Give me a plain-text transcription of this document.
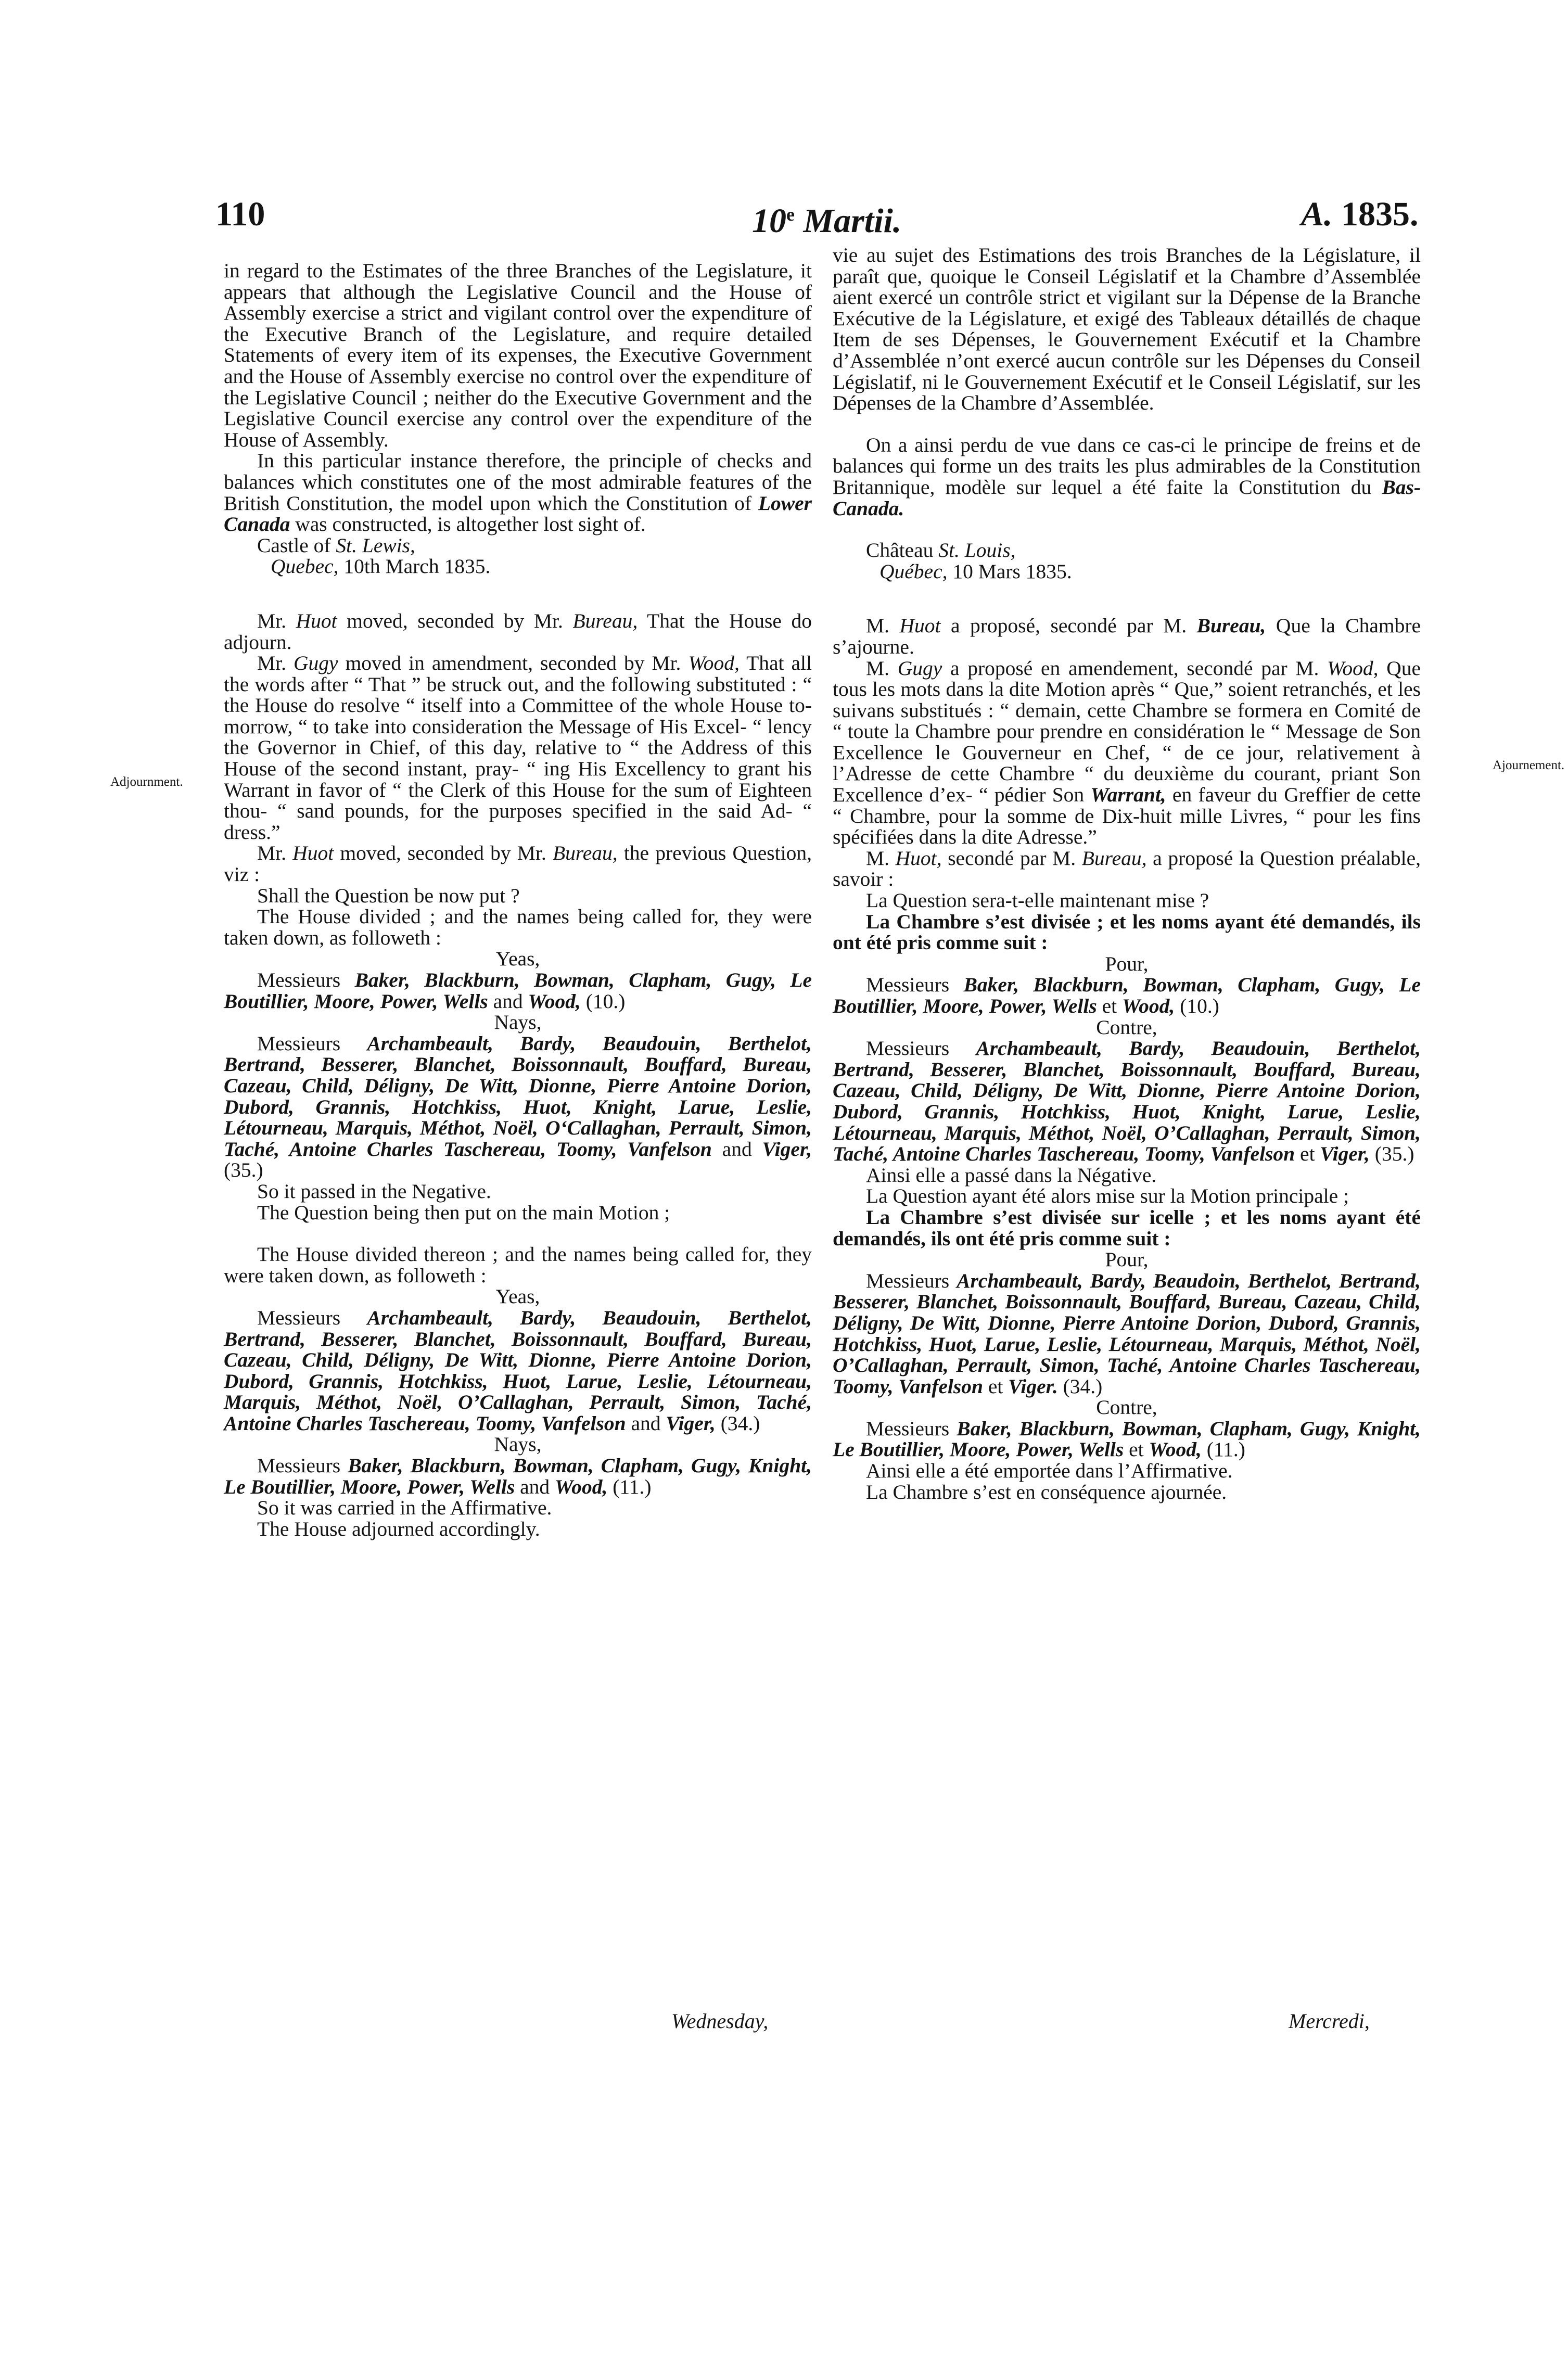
110	10e Martii.	A. 1835.
Adjournment.
Ajournement.

in regard to the Estimates of the three Branches of the Legislature, it appears that although the Legislative Council and the House of Assembly exercise a strict and vigilant control over the expenditure of the Executive Branch of the Legislature, and require detailed Statements of every item of its expenses, the Executive Government and the House of Assembly exercise no control over the expenditure of the Legislative Council ; neither do the Executive Government and the Legislative Council exercise any control over the expenditure of the House of Assembly.

In this particular instance therefore, the principle of checks and balances which constitutes one of the most admirable features of the British Constitution, the model upon which the Constitution of Lower Canada was constructed, is altogether lost sight of.

Castle of St. Lewis,

Quebec, 10th March 1835.

Mr. Huot moved, seconded by Mr. Bureau, That the House do adjourn.

Mr. Gugy moved in amendment, seconded by Mr. Wood, That all the words after “ That ” be struck out, and the following substituted : “ the House do resolve “ itself into a Committee of the whole House to-morrow, “ to take into consideration the Message of His Excel- “ lency the Governor in Chief, of this day, relative to “ the Address of this House of the second instant, pray- “ ing His Excellency to grant his Warrant in favor of “ the Clerk of this House for the sum of Eighteen thou- “ sand pounds, for the purposes specified in the said Ad- “ dress.”

Mr. Huot moved, seconded by Mr. Bureau, the previous Question, viz :

Shall the Question be now put ?

The House divided ; and the names being called for, they were taken down, as followeth :

Yeas,

Messieurs Baker, Blackburn, Bowman, Clapham, Gugy, Le Boutillier, Moore, Power, Wells and Wood, (10.)

Nays,

Messieurs Archambeault, Bardy, Beaudouin, Berthelot, Bertrand, Besserer, Blanchet, Boissonnault, Bouffard, Bureau, Cazeau, Child, Déligny, De Witt, Dionne, Pierre Antoine Dorion, Dubord, Grannis, Hotchkiss, Huot, Knight, Larue, Leslie, Létourneau, Marquis, Méthot, Noël, O‘Callaghan, Perrault, Simon, Taché, Antoine Charles Taschereau, Toomy, Vanfelson and Viger, (35.)

So it passed in the Negative.

The Question being then put on the main Motion ;

The House divided thereon ; and the names being called for, they were taken down, as followeth :

Yeas,

Messieurs Archambeault, Bardy, Beaudouin, Berthelot, Bertrand, Besserer, Blanchet, Boissonnault, Bouffard, Bureau, Cazeau, Child, Déligny, De Witt, Dionne, Pierre Antoine Dorion, Dubord, Grannis, Hotchkiss, Huot, Larue, Leslie, Létourneau, Marquis, Méthot, Noël, O’Callaghan, Perrault, Simon, Taché, Antoine Charles Taschereau, Toomy, Vanfelson and Viger, (34.)

Nays,

Messieurs Baker, Blackburn, Bowman, Clapham, Gugy, Knight, Le Boutillier, Moore, Power, Wells and Wood, (11.)

So it was carried in the Affirmative.

The House adjourned accordingly.

vie au sujet des Estimations des trois Branches de la Législature, il paraît que, quoique le Conseil Législatif et la Chambre d’Assemblée aient exercé un contrôle strict et vigilant sur la Dépense de la Branche Exécutive de la Législature, et exigé des Tableaux détaillés de chaque Item de ses Dépenses, le Gouvernement Exécutif et la Chambre d’Assemblée n’ont exercé aucun contrôle sur les Dépenses du Conseil Législatif, ni le Gouvernement Exécutif et le Conseil Législatif, sur les Dépenses de la Chambre d’Assemblée.

On a ainsi perdu de vue dans ce cas-ci le principe de freins et de balances qui forme un des traits les plus admirables de la Constitution Britannique, modèle sur lequel a été faite la Constitution du Bas-Canada.

Château St. Louis,

Québec, 10 Mars 1835.

M. Huot a proposé, secondé par M. Bureau, Que la Chambre s’ajourne.

M. Gugy a proposé en amendement, secondé par M. Wood, Que tous les mots dans la dite Motion après “ Que,” soient retranchés, et les suivans substitués : “ demain, cette Chambre se formera en Comité de “ toute la Chambre pour prendre en considération le “ Message de Son Excellence le Gouverneur en Chef, “ de ce jour, relativement à l’Adresse de cette Chambre “ du deuxième du courant, priant Son Excellence d’ex- “ pédier Son Warrant, en faveur du Greffier de cette “ Chambre, pour la somme de Dix-huit mille Livres, “ pour les fins spécifiées dans la dite Adresse.”

M. Huot, secondé par M. Bureau, a proposé la Question préalable, savoir :

La Question sera-t-elle maintenant mise ?

La Chambre s’est divisée ; et les noms ayant été demandés, ils ont été pris comme suit :

Pour,

Messieurs Baker, Blackburn, Bowman, Clapham, Gugy, Le Boutillier, Moore, Power, Wells et Wood, (10.)

Contre,

Messieurs Archambeault, Bardy, Beaudouin, Berthelot, Bertrand, Besserer, Blanchet, Boissonnault, Bouffard, Bureau, Cazeau, Child, Déligny, De Witt, Dionne, Pierre Antoine Dorion, Dubord, Grannis, Hotchkiss, Huot, Knight, Larue, Leslie, Létourneau, Marquis, Méthot, Noël, O’Callaghan, Perrault, Simon, Taché, Antoine Charles Taschereau, Toomy, Vanfelson et Viger, (35.)

Ainsi elle a passé dans la Négative.

La Question ayant été alors mise sur la Motion principale ;

La Chambre s’est divisée sur icelle ; et les noms ayant été demandés, ils ont été pris comme suit :

Pour,

Messieurs Archambeault, Bardy, Beaudoin, Berthelot, Bertrand, Besserer, Blanchet, Boissonnault, Bouffard, Bureau, Cazeau, Child, Déligny, De Witt, Dionne, Pierre Antoine Dorion, Dubord, Grannis, Hotchkiss, Huot, Larue, Leslie, Létourneau, Marquis, Méthot, Noël, O’Callaghan, Perrault, Simon, Taché, Antoine Charles Taschereau, Toomy, Vanfelson et Viger. (34.)

Contre,

Messieurs Baker, Blackburn, Bowman, Clapham, Gugy, Knight, Le Boutillier, Moore, Power, Wells et Wood, (11.)

Ainsi elle a été emportée dans l’Affirmative.

La Chambre s’est en conséquence ajournée.

Wednesday,	Mercredi,
